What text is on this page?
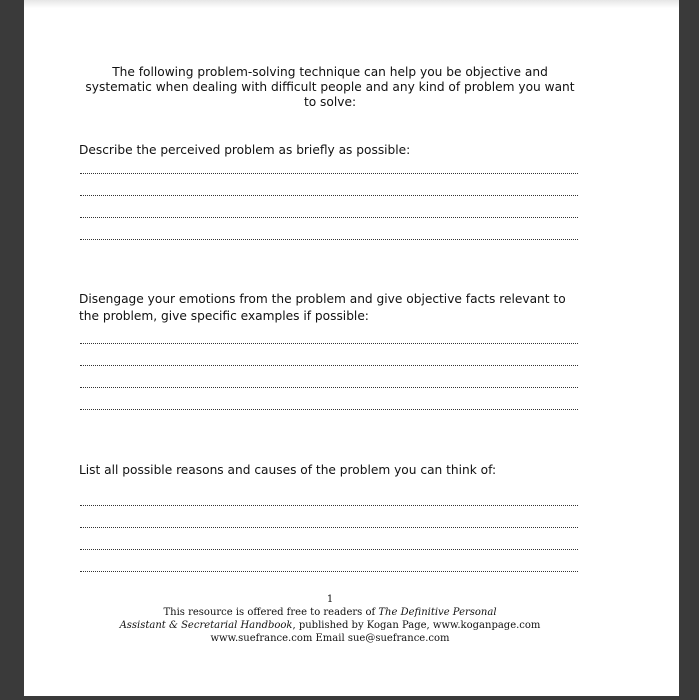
The following problem-solving technique can help you be objective and systematic when dealing with difficult people and any kind of problem you want to solve:
Describe the perceived problem as briefly as possible:
Disengage your emotions from the problem and give objective facts relevant to the problem, give specific examples if possible:
List all possible reasons and causes of the problem you can think of:
1
This resource is offered free to readers of The Definitive Personal
Assistant & Secretarial Handbook, published by Kogan Page, www.koganpage.com
www.suefrance.com Email sue@suefrance.com
